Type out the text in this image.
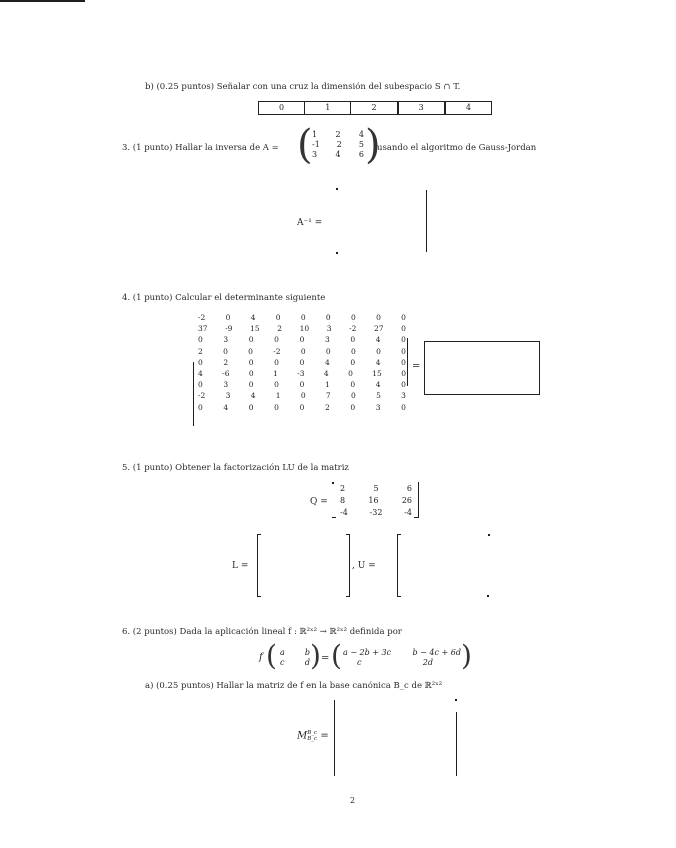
b) (0.25 puntos) Señalar con una cruz la dimensión del subespacio S ∩ T.
0	1	2	3	4
3. (1 punto) Hallar la inversa de A = ( 1 2 4
-1 2 5
3 4 6 )
usando el algoritmo de Gauss-Jordan
A⁻¹ =
4. (1 punto) Calcular el determinante siguiente
-2	0	4	0	0	0	0	0	0
37 -9 15 2 10 3 -2 27 0
0	3	0	0	0	3	0	4	0
2	0	0	-2	0	0	0	0	0
0	2	0	0	0	4	0	4	0
4	-6	0	1	-3	4	0	15	0
0	3	0	0	0	1	0	4	0
-2	3	4	1	0	7	0	5	3
0	4	0	0	0	2	0	3	0
=
5. (1 punto) Obtener la factorización LU de la matriz
Q =
2	5	6
8	16	26
-4	-32	-4
L =	, U =
6. (2 puntos) Dada la aplicación lineal f : ℝ²ˣ² → ℝ²ˣ² definida por
f ( a	b
c	d ) = ( a − 2b + 3c	b − 4c + 6d
c	2d )
a) (0.25 puntos) Hallar la matriz de f en la base canónica B_c de ℝ²ˣ²
M B_c
B_c =
2
